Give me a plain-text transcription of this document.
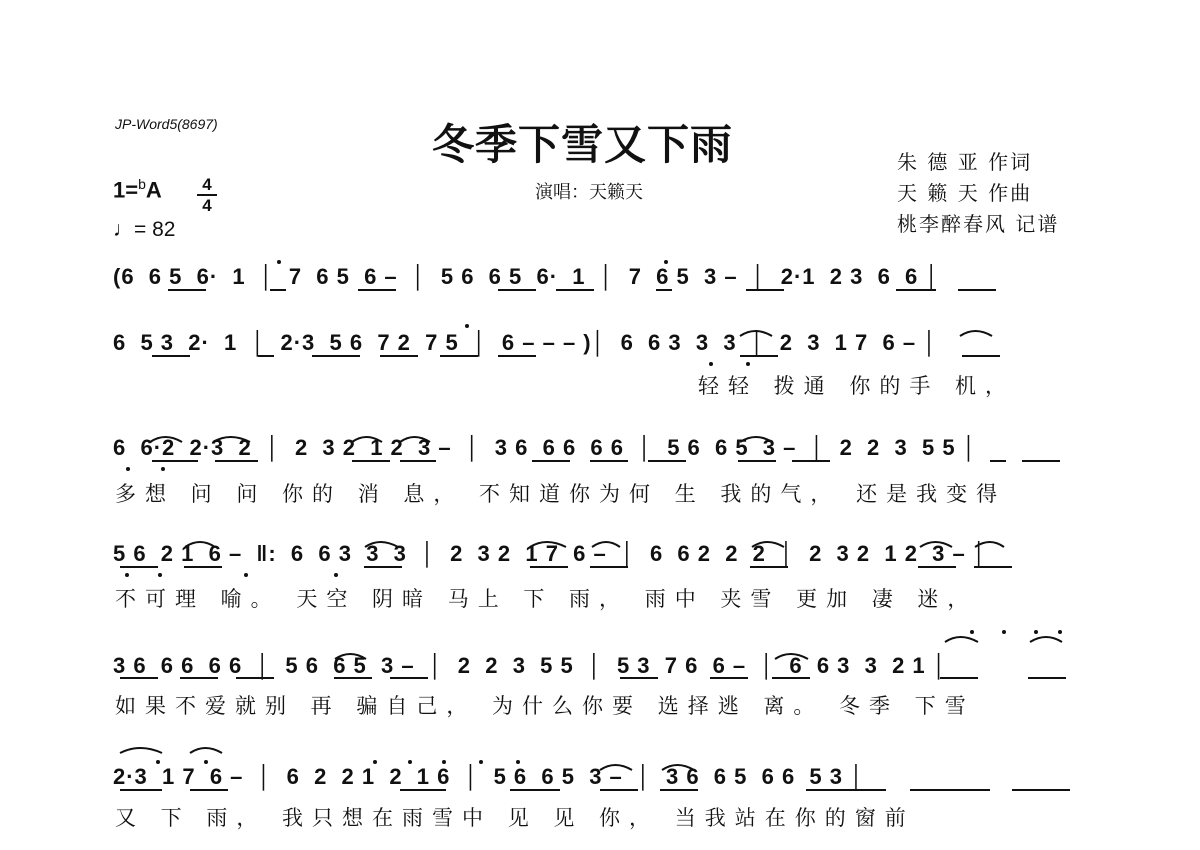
JP-Word5(8697)	冬季下雪又下雨
演唱：天籁天
朱 德 亚 作词
天 籁 天 作曲
桃李醉春风 记谱
1=$^b$A	4
4
♩= 82
(6  6 5  6·  1  │  7  6 5  6 –  │  5 6  6 5  6·  1  │  7  6 5  3 –  │  2·1  2 3  6  6 │
6  5 3  2·  1  │  2·3  5 6  7 2  7 5  │  6 – – – )│  6  6 3  3  3  │  2  3  1 7  6 – │
轻轻 拨通 你的手 机，
6  6·2  2·3  2  │  2  3 2  1 2  3 –  │  3 6  6 6  6 6  │  5 6  6 5  3 –  │  2  2  3  5 5 │
多想 问 问 你的 消 息， 不知道你为何 生 我的气， 还是我变得
5 6  2 1  6 –  ‖:  6  6 3  3  3  │  2  3 2  1 7  6 –  │  6  6 2  2  2  │  2  3 2  1 2  3 – │
不可理 喻。 天空 阴暗 马上 下 雨， 雨中 夹雪 更加 凄 迷，
3 6  6 6  6 6  │  5 6  6 5  3 –  │  2  2  3  5 5  │  5 3  7 6  6 –  │  6  6 3  3  2 1 │
如果不爱就别 再 骗自己， 为什么你要 选择逃 离。 冬季 下雪
2·3  1 7  6 –  │  6  2  2 1  2  1 6  │  5 6  6 5  3 –  │  3 6  6 5  6 6  5 3 │
又 下 雨， 我只想在雨雪中 见 见 你， 当我站在你的窗前
